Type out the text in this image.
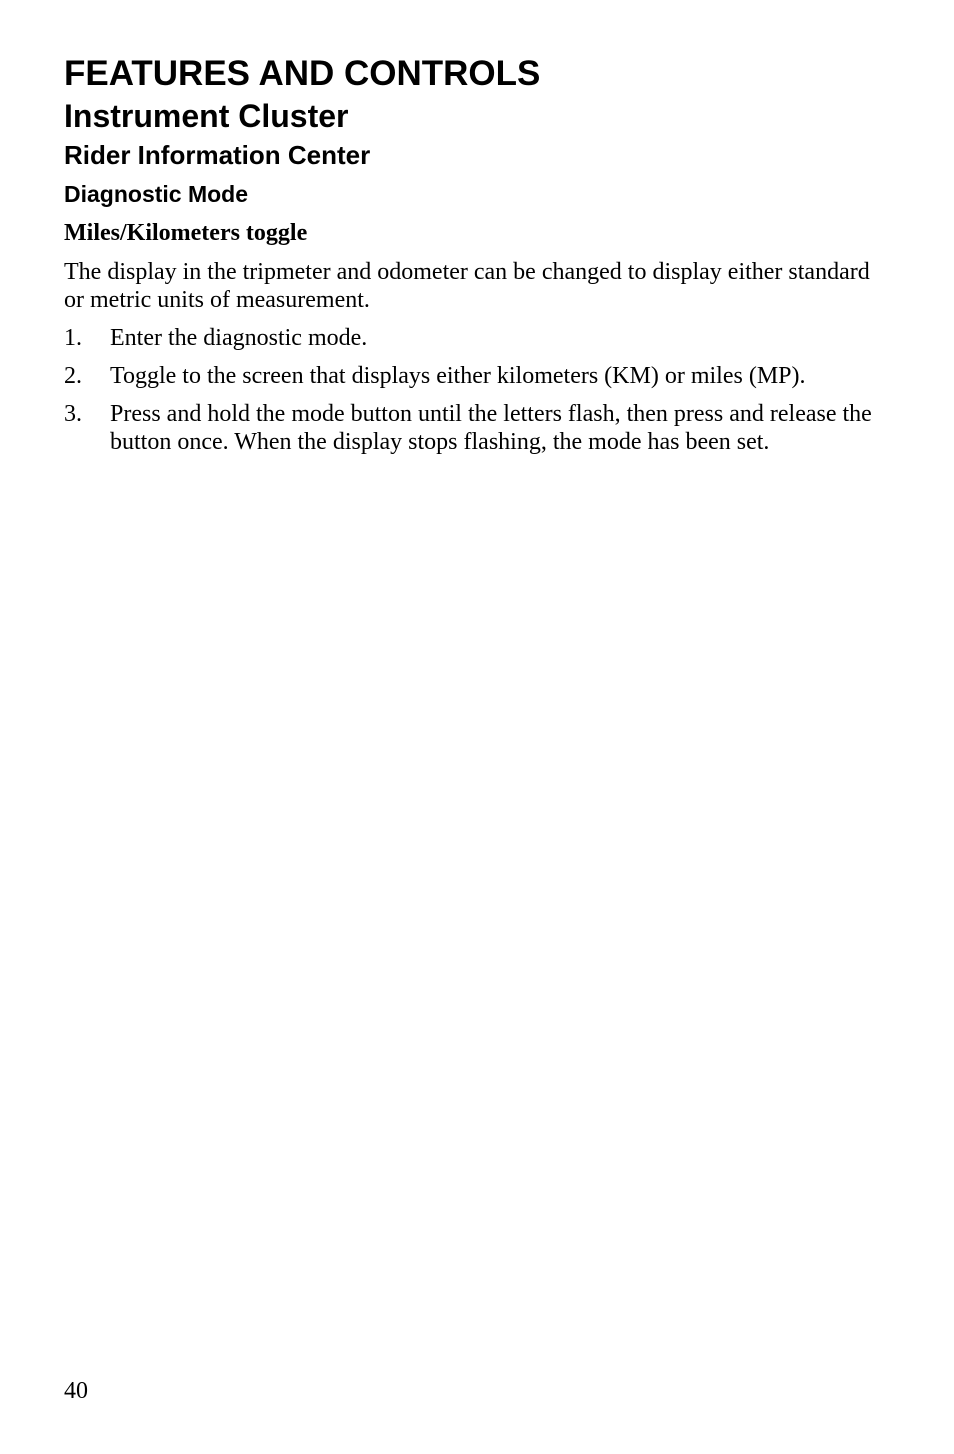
FEATURES AND CONTROLS
Instrument Cluster
Rider Information Center
Diagnostic Mode
Miles/Kilometers toggle

The display in the tripmeter and odometer can be changed to display either standard or metric units of measurement.

1.	Enter the diagnostic mode.
2.	Toggle to the screen that displays either kilometers (KM) or miles (MP).
3.	Press and hold the mode button until the letters flash, then press and release the button once. When the display stops flashing, the mode has been set.
40
